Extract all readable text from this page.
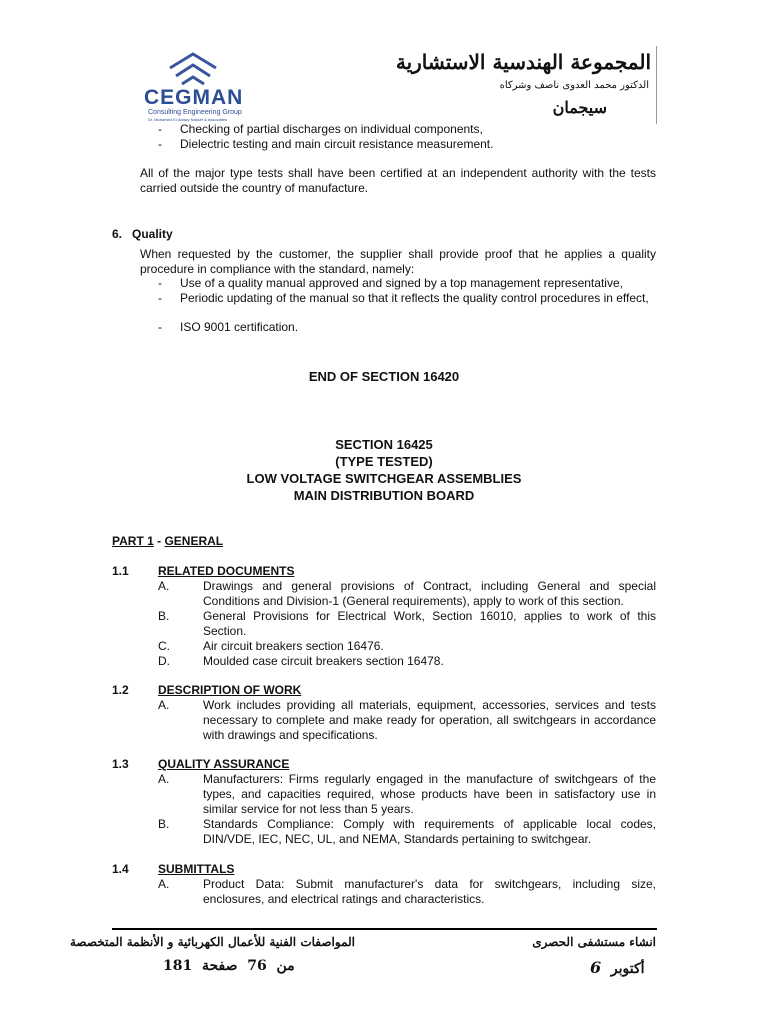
CEGMAN
Consulting Engineering Group
Dr. Mohamed El Adawy Nassef & Associates
المجموعة الهندسية الاستشارية
الدكتور محمد العدوى ناصف وشركاه
سيجمان
- Checking of partial discharges on individual components,
- Dielectric testing and main circuit resistance measurement.
All of the major type tests shall have been certified at an independent authority with the tests carried outside the country of manufacture.
6.   Quality
When requested by the customer, the supplier shall provide proof that he applies a quality procedure in compliance with the standard, namely:
- Use of a quality manual approved and signed by a top management representative,
- Periodic updating of the manual so that it reflects the quality control procedures in effect,
- ISO 9001 certification.
END OF SECTION 16420
SECTION 16425
(TYPE TESTED)
LOW VOLTAGE SWITCHGEAR ASSEMBLIES
MAIN DISTRIBUTION BOARD
PART 1 - GENERAL
1.1 RELATED DOCUMENTS
A.	Drawings and general provisions of Contract, including General and special Conditions and Division-1 (General requirements), apply to work of this section.
B.	General Provisions for Electrical Work, Section 16010, applies to work of this Section.
C.	Air circuit breakers section 16476.
D.	Moulded case circuit breakers section 16478.
1.2 DESCRIPTION OF WORK
A.	Work includes providing all materials, equipment, accessories, services and tests necessary to complete and make ready for operation, all switchgears in accordance with drawings and specifications.
1.3 QUALITY ASSURANCE
A.	Manufacturers: Firms regularly engaged in the manufacture of switchgears of the types, and capacities required, whose products have been in satisfactory use in similar service for not less than 5 years.
B.	Standards Compliance: Comply with requirements of applicable local codes, DIN/VDE, IEC, NEC, UL, and NEMA, Standards pertaining to switchgear.
1.4 SUBMITTALS
A.	Product Data: Submit manufacturer's data for switchgears, including size, enclosures, and electrical ratings and characteristics.
المواصفات الفنية للأعمال الكهربائية و الأنظمة المتخصصة	انشاء مستشفى الحصرى
181	من  76  صفحة	أكتوبر  6
